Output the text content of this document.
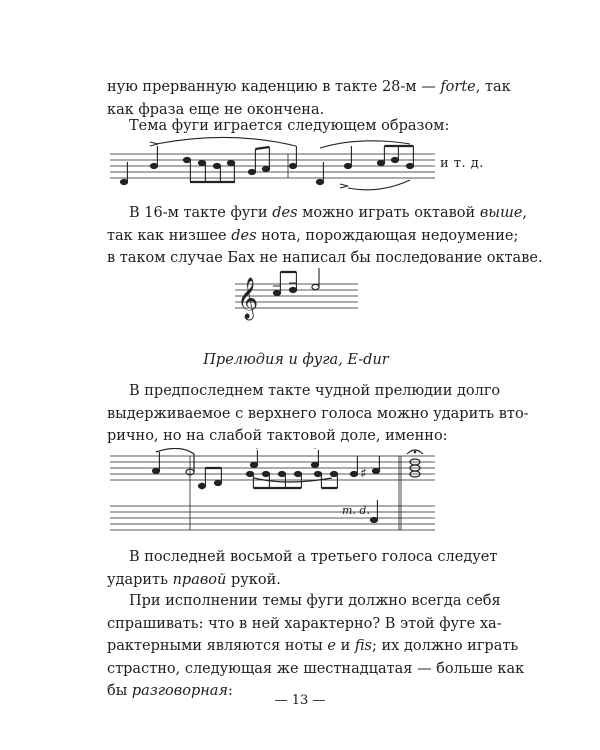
ную прерванную каденцию в такте 28-м — forte, так
как фраза еще не окончена.

Тема фуги играется следующем образом:

и т. д.

В 16-м такте фуги des можно играть октавой выше,
так как низшее des нота, порождающая недоумение;
в таком случае Бах не написал бы последование октаве.

𝄞

Прелюдия и фуга, E-dur

В предпоследнем такте чудной прелюдии долго
выдерживаемое с верхнего голоса можно ударить вто-
рично, но на слабой тактовой доле, именно:

𝄽
♯
m. d.

В последней восьмой а третьего голоса следует
ударить правой рукой.

При исполнении темы фуги должно всегда себя
спрашивать: что в ней характерно? В этой фуге ха-
рактерными являются ноты e и fis; их должно играть
страстно, следующая же шестнадцатая — больше как
бы разговорная:

— 13 —
